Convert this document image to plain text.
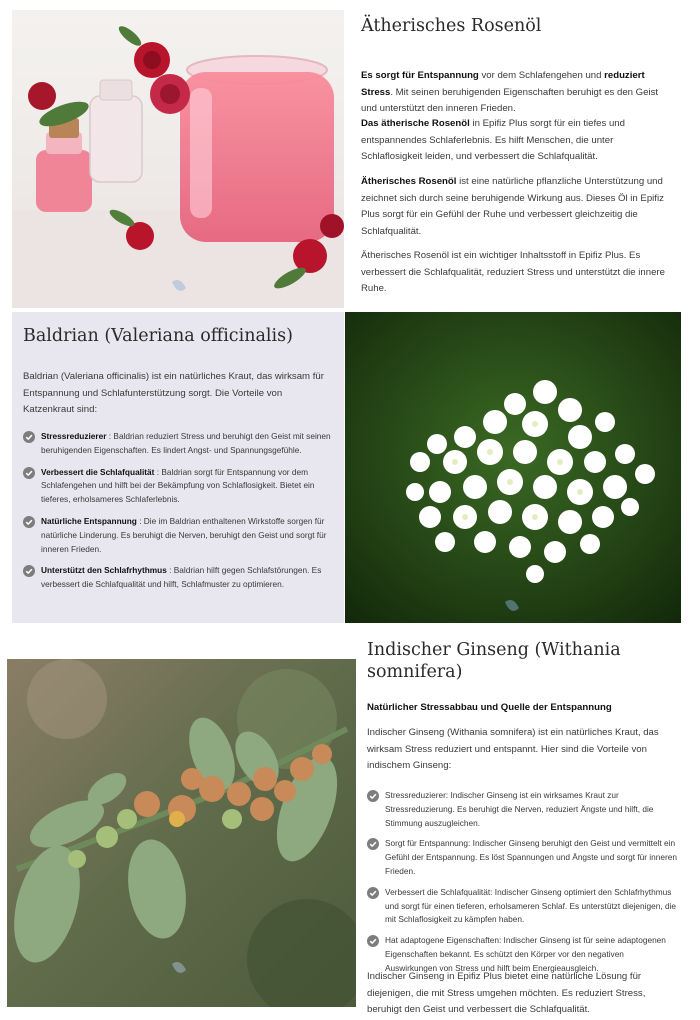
Ätherisches Rosenöl

Es sorgt für Entspannung vor dem Schlafengehen und reduziert Stress. Mit seinen beruhigenden Eigenschaften beruhigt es den Geist und unterstützt den inneren Frieden.

Das ätherische Rosenöl in Epifiz Plus sorgt für ein tiefes und entspannendes Schlaferlebnis. Es hilft Menschen, die unter Schlaflosigkeit leiden, und verbessert die Schlafqualität.

Ätherisches Rosenöl ist eine natürliche pflanzliche Unterstützung und zeichnet sich durch seine beruhigende Wirkung aus. Dieses Öl in Epifiz Plus sorgt für ein Gefühl der Ruhe und verbessert gleichzeitig die Schlafqualität.

Ätherisches Rosenöl ist ein wichtiger Inhaltsstoff in Epifiz Plus. Es verbessert die Schlafqualität, reduziert Stress und unterstützt die innere Ruhe.

Baldrian (Valeriana officinalis)

Baldrian (Valeriana officinalis) ist ein natürliches Kraut, das wirksam für Entspannung und Schlafunterstützung sorgt. Die Vorteile von Katzenkraut sind:

Stressreduzierer : Baldrian reduziert Stress und beruhigt den Geist mit seinen beruhigenden Eigenschaften. Es lindert Angst- und Spannungsgefühle.

Verbessert die Schlafqualität : Baldrian sorgt für Entspannung vor dem Schlafengehen und hilft bei der Bekämpfung von Schlaflosigkeit. Bietet ein tieferes, erholsameres Schlaferlebnis.

Natürliche Entspannung : Die im Baldrian enthaltenen Wirkstoffe sorgen für natürliche Linderung. Es beruhigt die Nerven, beruhigt den Geist und sorgt für inneren Frieden.

Unterstützt den Schlafrhythmus : Baldrian hilft gegen Schlafstörungen. Es verbessert die Schlafqualität und hilft, Schlafmuster zu optimieren.

Indischer Ginseng (Withania somnifera)
Natürlicher Stressabbau und Quelle der Entspannung

Indischer Ginseng (Withania somnifera) ist ein natürliches Kraut, das wirksam Stress reduziert und entspannt. Hier sind die Vorteile von indischem Ginseng:

Stressreduzierer: Indischer Ginseng ist ein wirksames Kraut zur Stressreduzierung. Es beruhigt die Nerven, reduziert Ängste und hilft, die Stimmung auszugleichen.

Sorgt für Entspannung: Indischer Ginseng beruhigt den Geist und vermittelt ein Gefühl der Entspannung. Es löst Spannungen und Ängste und sorgt für inneren Frieden.

Verbessert die Schlafqualität: Indischer Ginseng optimiert den Schlafrhythmus und sorgt für einen tieferen, erholsameren Schlaf. Es unterstützt diejenigen, die mit Schlaflosigkeit zu kämpfen haben.

Hat adaptogene Eigenschaften: Indischer Ginseng ist für seine adaptogenen Eigenschaften bekannt. Es schützt den Körper vor den negativen Auswirkungen von Stress und hilft beim Energieausgleich.

Indischer Ginseng in Epifiz Plus bietet eine natürliche Lösung für diejenigen, die mit Stress umgehen möchten. Es reduziert Stress, beruhigt den Geist und verbessert die Schlafqualität.
